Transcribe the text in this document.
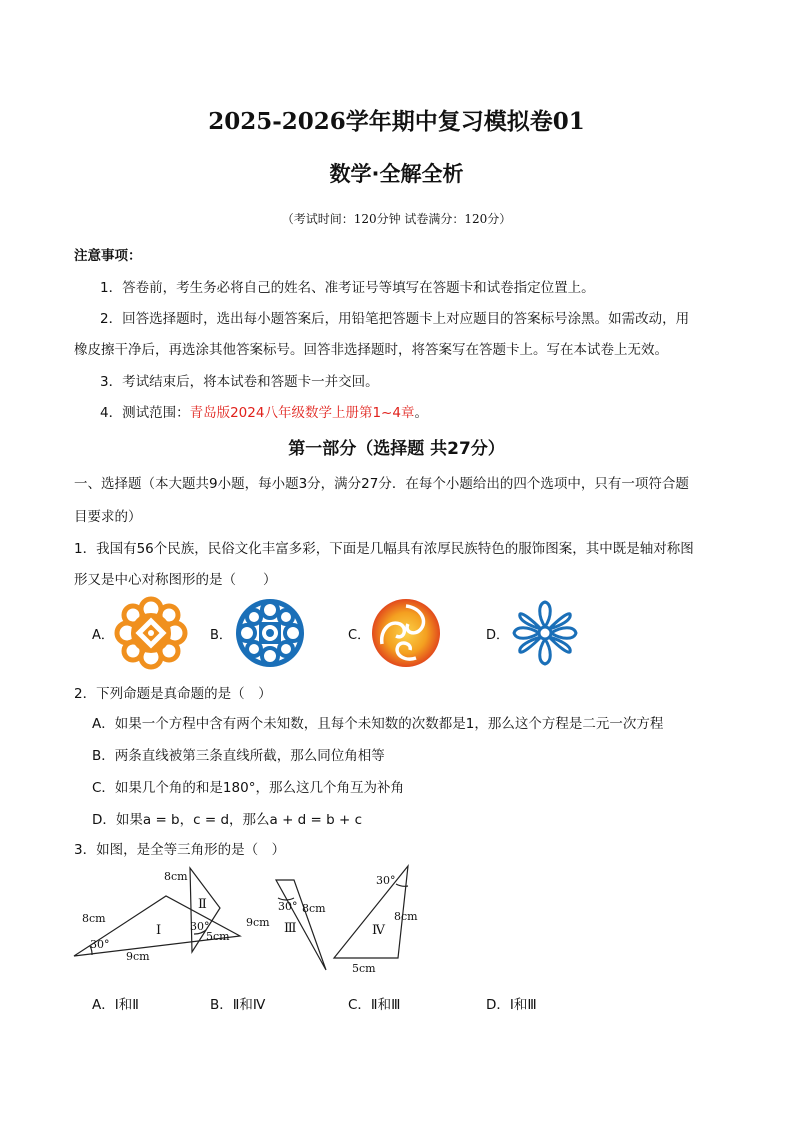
2025-2026学年期中复习模拟卷01
数学·全解全析
（考试时间：120分钟 试卷满分：120分）
注意事项：
1．答卷前，考生务必将自己的姓名、准考证号等填写在答题卡和试卷指定位置上。
2．回答选择题时，选出每小题答案后，用铅笔把答题卡上对应题目的答案标号涂黑。如需改动，用
橡皮擦干净后，再选涂其他答案标号。回答非选择题时，将答案写在答题卡上。写在本试卷上无效。
3．考试结束后，将本试卷和答题卡一并交回。
4．测试范围：青岛版2024八年级数学上册第1~4章。
第一部分（选择题 共27分）
一、选择题（本大题共9小题，每小题3分，满分27分．在每个小题给出的四个选项中，只有一项符合题
目要求的）
1．我国有56个民族，民俗文化丰富多彩，下面是几幅具有浓厚民族特色的服饰图案，其中既是轴对称图
形又是中心对称图形的是（　　）
A．	B．	C．	D．
2．下列命题是真命题的是（　）
A．如果一个方程中含有两个未知数，且每个未知数的次数都是1，那么这个方程是二元一次方程
B．两条直线被第三条直线所截，那么同位角相等
C．如果几个角的和是180°，那么这几个角互为补角
D．如果a = b，c = d，那么a + d = b + c
3．如图，是全等三角形的是（　）
8cm
9cm
30°
Ⅰ
8cm
5cm
30°
Ⅱ
9cm
8cm
30°
Ⅲ
8cm
5cm
30°
Ⅳ
A．Ⅰ和Ⅱ	B．Ⅱ和Ⅳ	C．Ⅱ和Ⅲ	D．Ⅰ和Ⅲ
